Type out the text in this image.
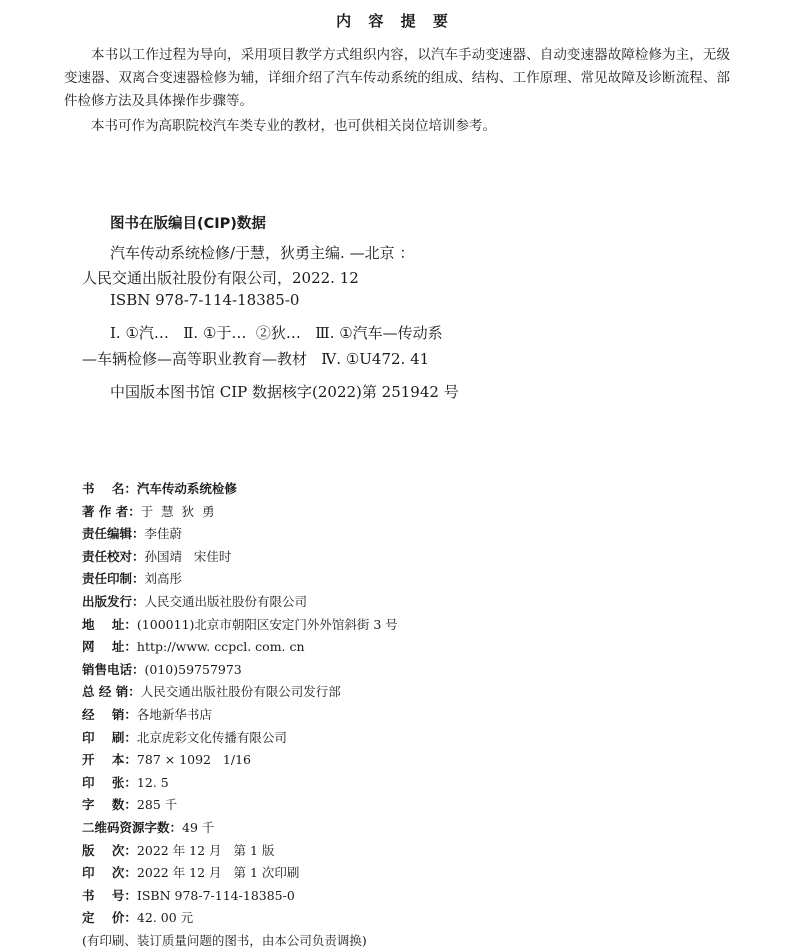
内 容 提 要
本书以工作过程为导向，采用项目教学方式组织内容，以汽车手动变速器、自动变速器故障检修为主，无级变速器、双离合变速器检修为辅，详细介绍了汽车传动系统的组成、结构、工作原理、常见故障及诊断流程、部件检修方法及具体操作步骤等。
本书可作为高职院校汽车类专业的教材，也可供相关岗位培训参考。
图书在版编目(CIP)数据
汽车传动系统检修/于慧，狄勇主编. —北京 ：
人民交通出版社股份有限公司，2022. 12
ISBN 978-7-114-18385-0
Ⅰ. ①汽…   Ⅱ. ①于…  ②狄…   Ⅲ. ①汽车—传动系
—车辆检修—高等职业教育—教材   Ⅳ. ①U472. 41
中国版本图书馆 CIP 数据核字(2022)第 251942 号
书    名： 汽车传动系统检修
著 作 者： 于  慧  狄  勇
责任编辑： 李佳蔚
责任校对： 孙国靖   宋佳时
责任印制： 刘高彤
出版发行： 人民交通出版社股份有限公司
地    址： (100011)北京市朝阳区安定门外外馆斜街 3 号
网    址： http://www. ccpcl. com. cn
销售电话： (010)59757973
总 经 销： 人民交通出版社股份有限公司发行部
经    销： 各地新华书店
印    刷： 北京虎彩文化传播有限公司
开    本： 787 × 1092   1/16
印    张： 12. 5
字    数： 285 千
二维码资源字数： 49 千
版    次： 2022 年 12 月   第 1 版
印    次： 2022 年 12 月   第 1 次印刷
书    号： ISBN 978-7-114-18385-0
定    价： 42. 00 元
(有印刷、装订质量问题的图书，由本公司负责调换)
